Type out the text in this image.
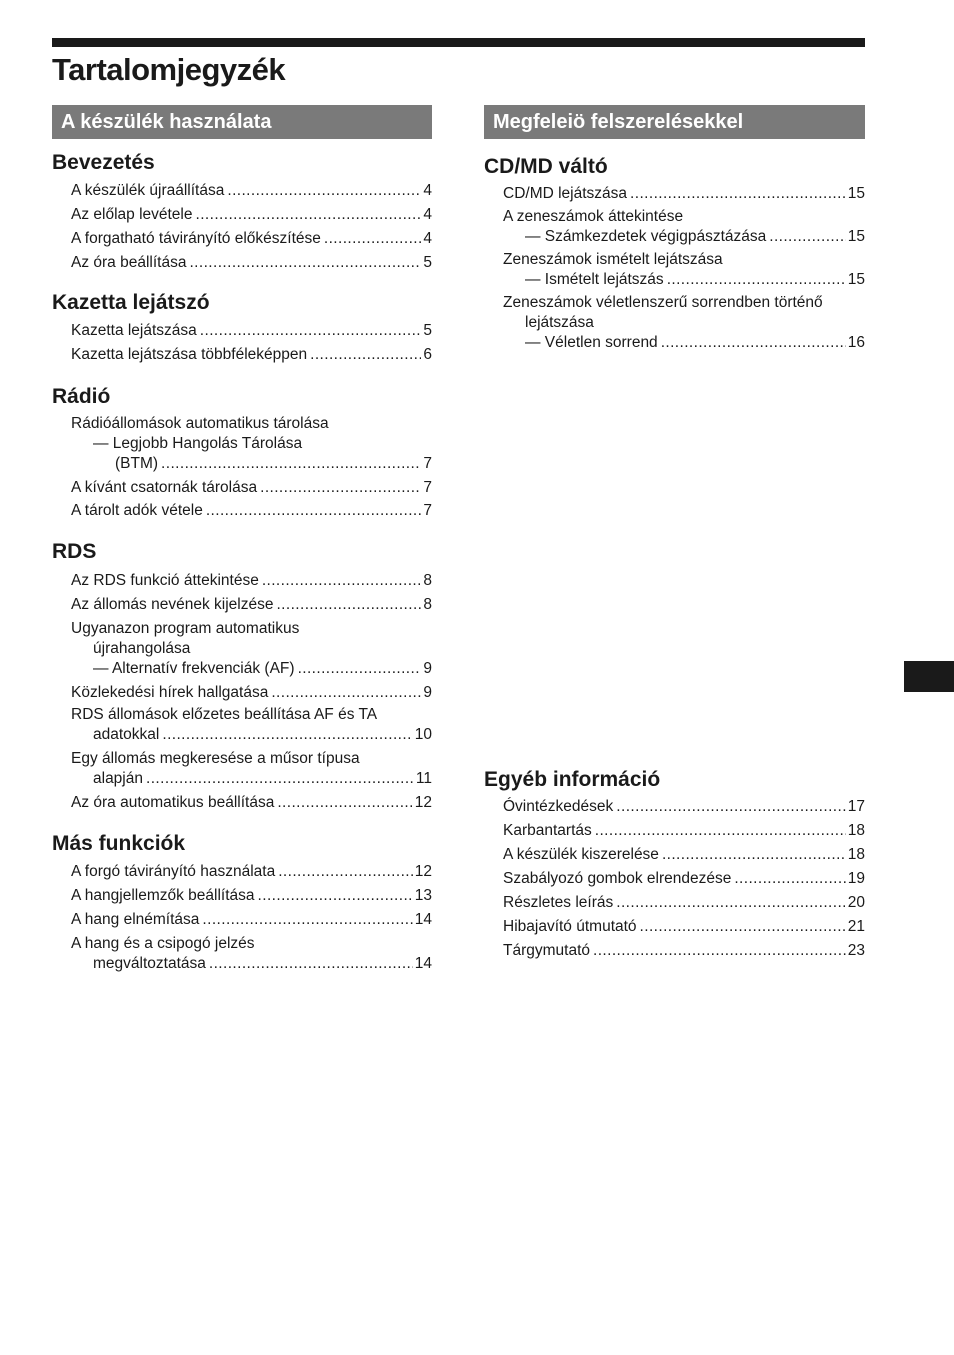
Tartalomjegyzék
A készülék használata
Bevezetés
A készülék újraállítása .....	4
Az előlap levétele .....	4
A forgatható távirányító előkészítése .....	4
Az óra beállítása .....	5
Kazetta lejátszó
Kazetta lejátszása .....	5
Kazetta lejátszása többféleképpen .....	6
Rádió
Rádióállomások automatikus tárolása
— Legjobb Hangolás Tárolása
(BTM) .....	7
A kívánt csatornák tárolása .....	7
A tárolt adók vétele .....	7
RDS
Az RDS funkció áttekintése .....	8
Az állomás nevének kijelzése .....	8
Ugyanazon program automatikus
újrahangolása
— Alternatív frekvenciák (AF) .....	9
Közlekedési hírek hallgatása .....	9
RDS állomások előzetes beállítása AF és TA
adatokkal .....	10
Egy állomás megkeresése a műsor típusa
alapján .....	11
Az óra automatikus beállítása .....	12
Más funkciók
A forgó távirányító használata .....	12
A hangjellemzők beállítása .....	13
A hang elnémítása .....	14
A hang és a csipogó jelzés
megváltoztatása .....	14
Megfeleiö felszerelésekkel
CD/MD váltó
CD/MD lejátszása .....	15
A zeneszámok áttekintése
— Számkezdetek végigpásztázása .....	15
Zeneszámok ismételt lejátszása
— Ismételt lejátszás .....	15
Zeneszámok véletlenszerű sorrendben történő
lejátszása
— Véletlen sorrend .....	16
Egyéb információ
Óvintézkedések .....	17
Karbantartás .....	18
A készülék kiszerelése .....	18
Szabályozó gombok elrendezése .....	19
Részletes leírás .....	20
Hibajavító útmutató .....	21
Tárgymutató .....	23
